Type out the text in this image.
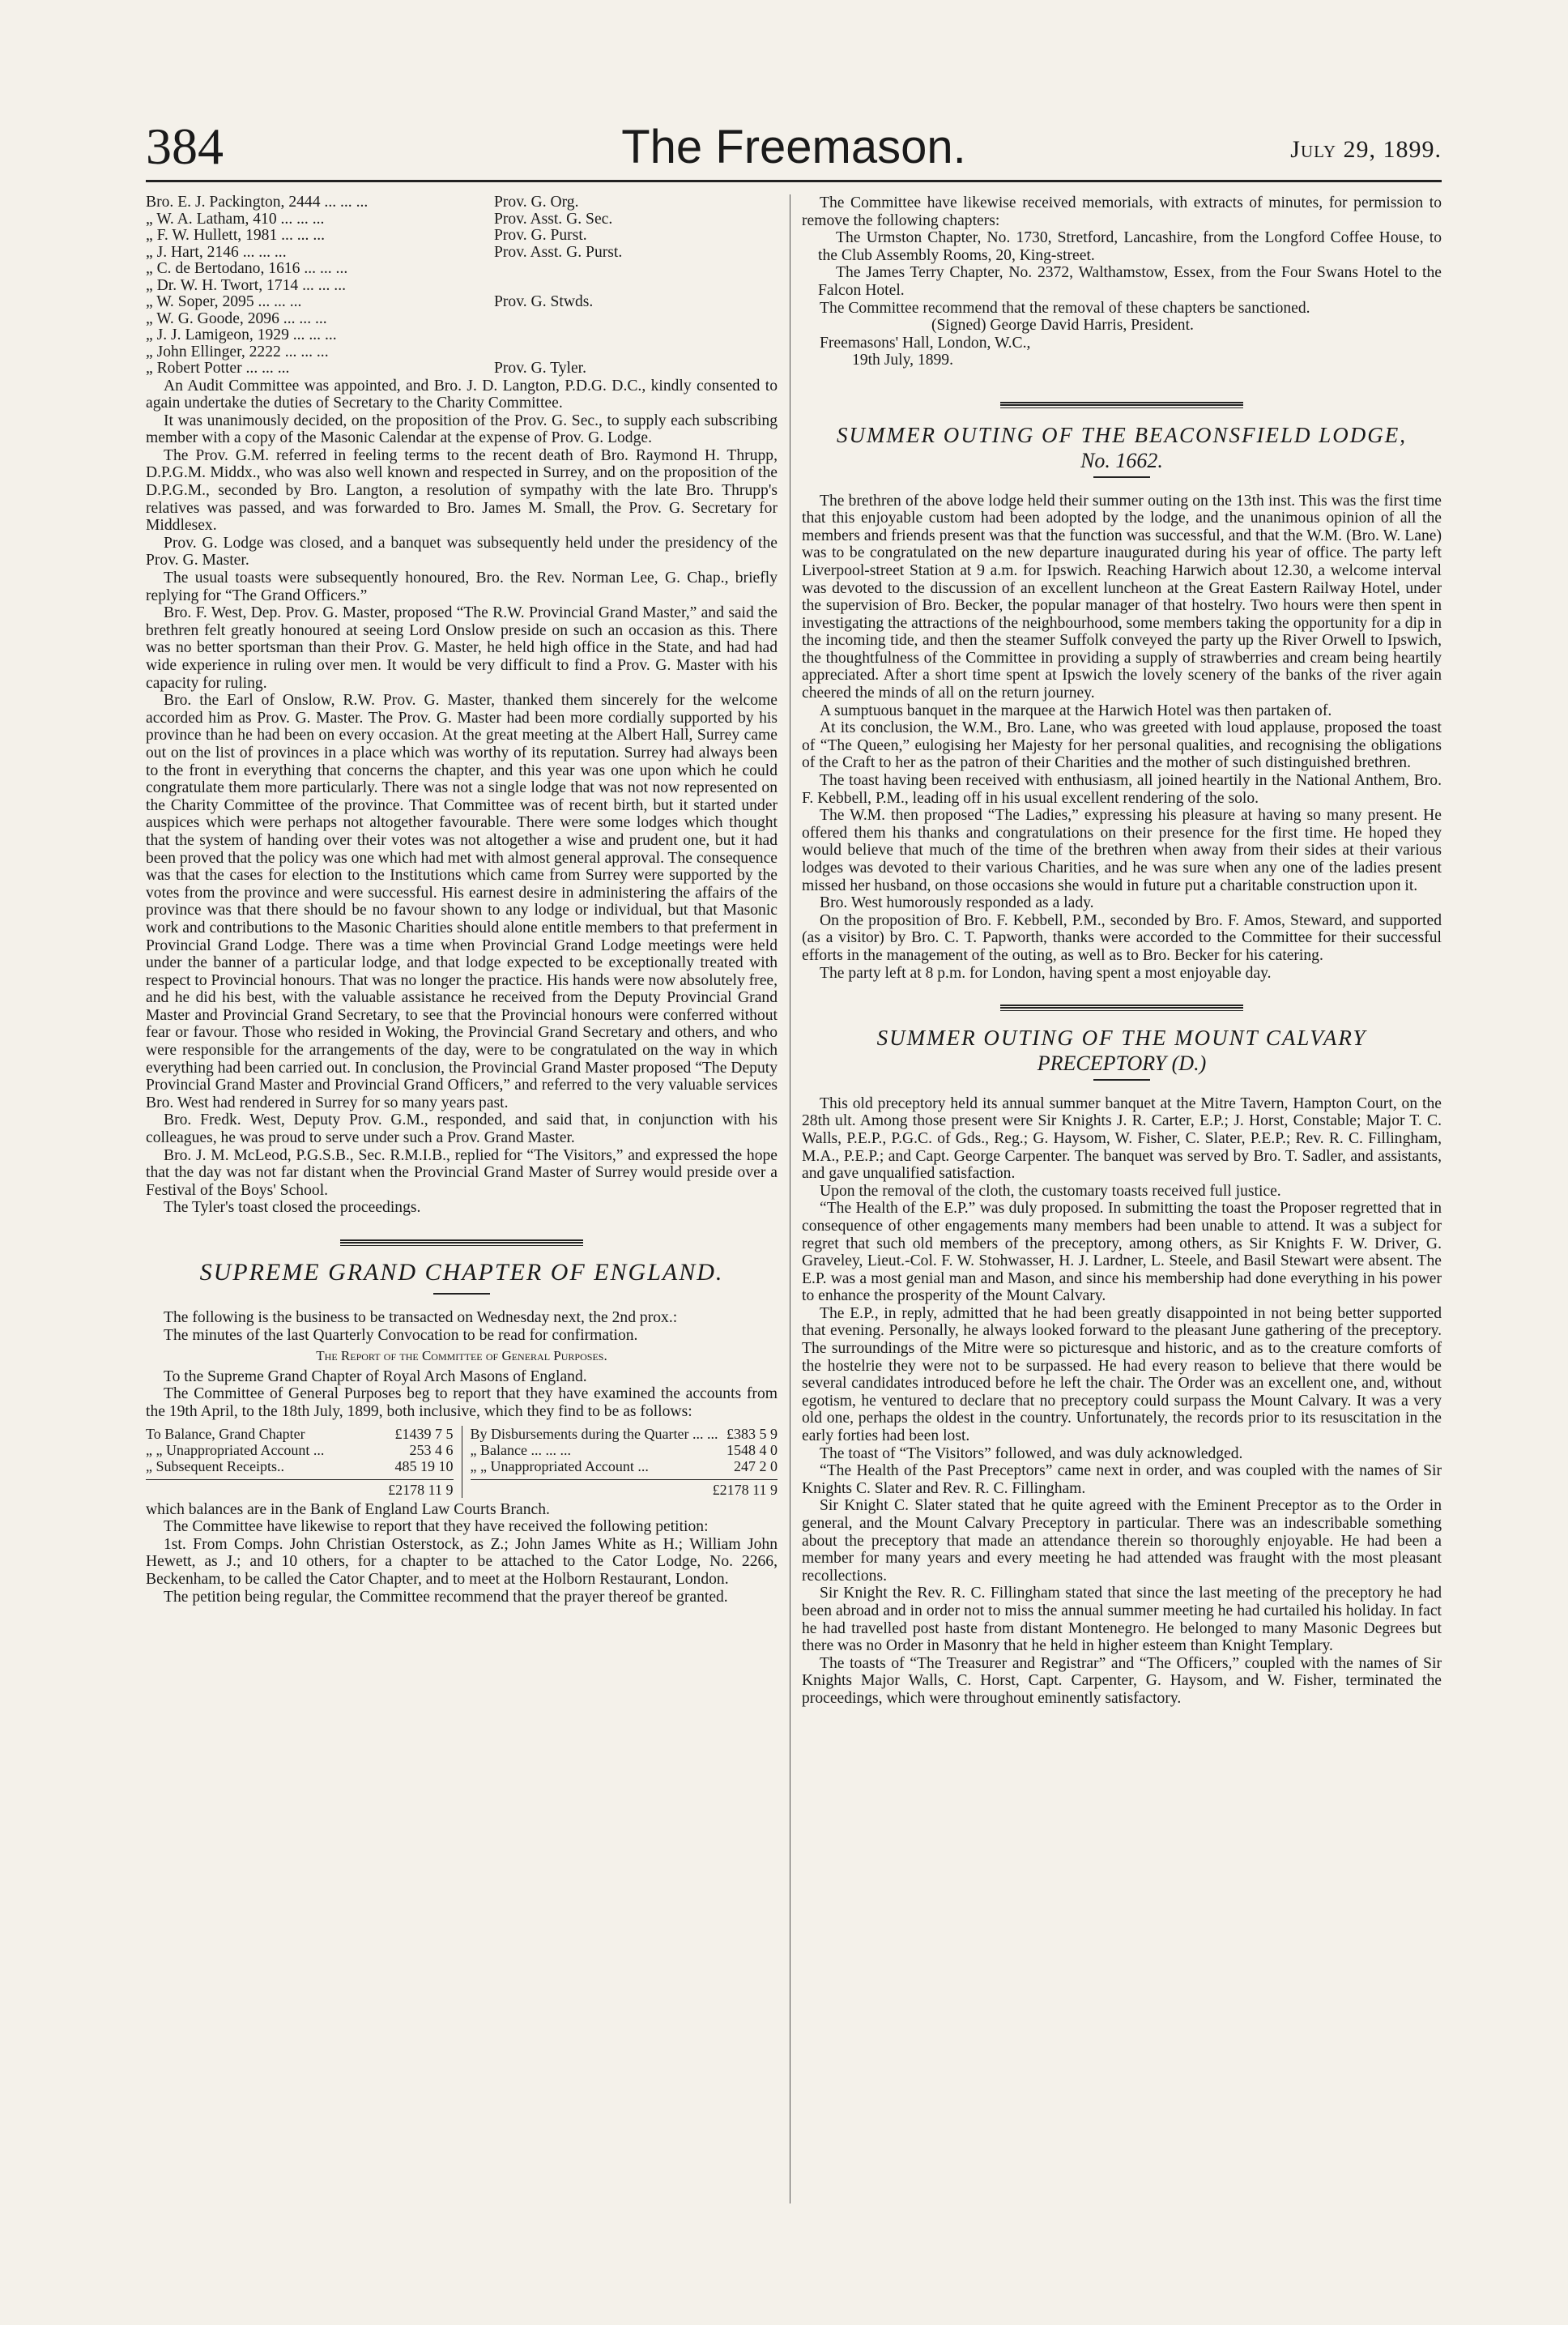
384	The Freemason.	July 29, 1899.
Bro. E. J. Packington, 2444 ... ... ...	Prov. G. Org.
„ W. A. Latham, 410 ... ... ...	Prov. Asst. G. Sec.
„ F. W. Hullett, 1981 ... ... ...	Prov. G. Purst.
„ J. Hart, 2146 ... ... ...	Prov. Asst. G. Purst.
„ C. de Bertodano, 1616 ... ... ...
„ Dr. W. H. Twort, 1714 ... ... ...
„ W. Soper, 2095 ... ... ...	Prov. G. Stwds.
„ W. G. Goode, 2096 ... ... ...
„ J. J. Lamigeon, 1929 ... ... ...
„ John Ellinger, 2222 ... ... ...
„ Robert Potter ... ... ...	Prov. G. Tyler.

An Audit Committee was appointed, and Bro. J. D. Langton, P.D.G. D.C., kindly consented to again undertake the duties of Secretary to the Charity Committee.

It was unanimously decided, on the proposition of the Prov. G. Sec., to supply each subscribing member with a copy of the Masonic Calendar at the expense of Prov. G. Lodge.

The Prov. G.M. referred in feeling terms to the recent death of Bro. Raymond H. Thrupp, D.P.G.M. Middx., who was also well known and respected in Surrey, and on the proposition of the D.P.G.M., seconded by Bro. Langton, a resolution of sympathy with the late Bro. Thrupp's relatives was passed, and was forwarded to Bro. James M. Small, the Prov. G. Secretary for Middlesex.

Prov. G. Lodge was closed, and a banquet was subsequently held under the presidency of the Prov. G. Master.

The usual toasts were subsequently honoured, Bro. the Rev. Norman Lee, G. Chap., briefly replying for “The Grand Officers.”

Bro. F. West, Dep. Prov. G. Master, proposed “The R.W. Provincial Grand Master,” and said the brethren felt greatly honoured at seeing Lord Onslow preside on such an occasion as this. There was no better sportsman than their Prov. G. Master, he held high office in the State, and had had wide experience in ruling over men. It would be very difficult to find a Prov. G. Master with his capacity for ruling.

Bro. the Earl of Onslow, R.W. Prov. G. Master, thanked them sincerely for the welcome accorded him as Prov. G. Master. The Prov. G. Master had been more cordially supported by his province than he had been on every occasion. At the great meeting at the Albert Hall, Surrey came out on the list of provinces in a place which was worthy of its reputation. Surrey had always been to the front in everything that concerns the chapter, and this year was one upon which he could congratulate them more particularly. There was not a single lodge that was not now represented on the Charity Committee of the province. That Committee was of recent birth, but it started under auspices which were perhaps not altogether favourable. There were some lodges which thought that the system of handing over their votes was not altogether a wise and prudent one, but it had been proved that the policy was one which had met with almost general approval. The consequence was that the cases for election to the Institutions which came from Surrey were supported by the votes from the province and were successful. His earnest desire in administering the affairs of the province was that there should be no favour shown to any lodge or individual, but that Masonic work and contributions to the Masonic Charities should alone entitle members to that preferment in Provincial Grand Lodge. There was a time when Provincial Grand Lodge meetings were held under the banner of a particular lodge, and that lodge expected to be exceptionally treated with respect to Provincial honours. That was no longer the practice. His hands were now absolutely free, and he did his best, with the valuable assistance he received from the Deputy Provincial Grand Master and Provincial Grand Secretary, to see that the Provincial honours were conferred without fear or favour. Those who resided in Woking, the Provincial Grand Secretary and others, and who were responsible for the arrangements of the day, were to be congratulated on the way in which everything had been carried out. In conclusion, the Provincial Grand Master proposed “The Deputy Provincial Grand Master and Provincial Grand Officers,” and referred to the very valuable services Bro. West had rendered in Surrey for so many years past.

Bro. Fredk. West, Deputy Prov. G.M., responded, and said that, in conjunction with his colleagues, he was proud to serve under such a Prov. Grand Master.

Bro. J. M. McLeod, P.G.S.B., Sec. R.M.I.B., replied for “The Visitors,” and expressed the hope that the day was not far distant when the Provincial Grand Master of Surrey would preside over a Festival of the Boys' School.

The Tyler's toast closed the proceedings.

SUPREME GRAND CHAPTER OF ENGLAND.

The following is the business to be transacted on Wednesday next, the 2nd prox.:

The minutes of the last Quarterly Convocation to be read for confirmation.

The Report of the Committee of General Purposes.

To the Supreme Grand Chapter of Royal Arch Masons of England.

The Committee of General Purposes beg to report that they have examined the accounts from the 19th April, to the 18th July, 1899, both inclusive, which they find to be as follows:

To Balance, Grand Chapter	£1439 7 5
„ „ Unappropriated Account ...	253 4 6
„ Subsequent Receipts..	485 19 10
£2178 11 9
By Disbursements during the Quarter ... ... £383 5 9
„ Balance ... ... ...	1548 4 0
„ „ Unappropriated Account ...	247 2 0
£2178 11 9

which balances are in the Bank of England Law Courts Branch.

The Committee have likewise to report that they have received the following petition:

1st. From Comps. John Christian Osterstock, as Z.; John James White as H.; William John Hewett, as J.; and 10 others, for a chapter to be attached to the Cator Lodge, No. 2266, Beckenham, to be called the Cator Chapter, and to meet at the Holborn Restaurant, London.

The petition being regular, the Committee recommend that the prayer thereof be granted.

The Committee have likewise received memorials, with extracts of minutes, for permission to remove the following chapters:

The Urmston Chapter, No. 1730, Stretford, Lancashire, from the Longford Coffee House, to the Club Assembly Rooms, 20, King-street.

The James Terry Chapter, No. 2372, Walthamstow, Essex, from the Four Swans Hotel to the Falcon Hotel.

The Committee recommend that the removal of these chapters be sanctioned.

(Signed) George David Harris, President.

Freemasons' Hall, London, W.C.,

19th July, 1899.

SUMMER OUTING OF THE BEACONSFIELD LODGE,
No. 1662.

The brethren of the above lodge held their summer outing on the 13th inst. This was the first time that this enjoyable custom had been adopted by the lodge, and the unanimous opinion of all the members and friends present was that the function was successful, and that the W.M. (Bro. W. Lane) was to be congratulated on the new departure inaugurated during his year of office. The party left Liverpool-street Station at 9 a.m. for Ipswich. Reaching Harwich about 12.30, a welcome interval was devoted to the discussion of an excellent luncheon at the Great Eastern Railway Hotel, under the supervision of Bro. Becker, the popular manager of that hostelry. Two hours were then spent in investigating the attractions of the neighbourhood, some members taking the opportunity for a dip in the incoming tide, and then the steamer Suffolk conveyed the party up the River Orwell to Ipswich, the thoughtfulness of the Committee in providing a supply of strawberries and cream being heartily appreciated. After a short time spent at Ipswich the lovely scenery of the banks of the river again cheered the minds of all on the return journey.

A sumptuous banquet in the marquee at the Harwich Hotel was then partaken of.

At its conclusion, the W.M., Bro. Lane, who was greeted with loud applause, proposed the toast of “The Queen,” eulogising her Majesty for her personal qualities, and recognising the obligations of the Craft to her as the patron of their Charities and the mother of such distinguished brethren.

The toast having been received with enthusiasm, all joined heartily in the National Anthem, Bro. F. Kebbell, P.M., leading off in his usual excellent rendering of the solo.

The W.M. then proposed “The Ladies,” expressing his pleasure at having so many present. He offered them his thanks and congratulations on their presence for the first time. He hoped they would believe that much of the time of the brethren when away from their sides at their various lodges was devoted to their various Charities, and he was sure when any one of the ladies present missed her husband, on those occasions she would in future put a charitable construction upon it.

Bro. West humorously responded as a lady.

On the proposition of Bro. F. Kebbell, P.M., seconded by Bro. F. Amos, Steward, and supported (as a visitor) by Bro. C. T. Papworth, thanks were accorded to the Committee for their successful efforts in the management of the outing, as well as to Bro. Becker for his catering.

The party left at 8 p.m. for London, having spent a most enjoyable day.

SUMMER OUTING OF THE MOUNT CALVARY
PRECEPTORY (D.)

This old preceptory held its annual summer banquet at the Mitre Tavern, Hampton Court, on the 28th ult. Among those present were Sir Knights J. R. Carter, E.P.; J. Horst, Constable; Major T. C. Walls, P.E.P., P.G.C. of Gds., Reg.; G. Haysom, W. Fisher, C. Slater, P.E.P.; Rev. R. C. Fillingham, M.A., P.E.P.; and Capt. George Carpenter. The banquet was served by Bro. T. Sadler, and assistants, and gave unqualified satisfaction.

Upon the removal of the cloth, the customary toasts received full justice.

“The Health of the E.P.” was duly proposed. In submitting the toast the Proposer regretted that in consequence of other engagements many members had been unable to attend. It was a subject for regret that such old members of the preceptory, among others, as Sir Knights F. W. Driver, G. Graveley, Lieut.-Col. F. W. Stohwasser, H. J. Lardner, L. Steele, and Basil Stewart were absent. The E.P. was a most genial man and Mason, and since his membership had done everything in his power to enhance the prosperity of the Mount Calvary.

The E.P., in reply, admitted that he had been greatly disappointed in not being better supported that evening. Personally, he always looked forward to the pleasant June gathering of the preceptory. The surroundings of the Mitre were so picturesque and historic, and as to the creature comforts of the hostelrie they were not to be surpassed. He had every reason to believe that there would be several candidates introduced before he left the chair. The Order was an excellent one, and, without egotism, he ventured to declare that no preceptory could surpass the Mount Calvary. It was a very old one, perhaps the oldest in the country. Unfortunately, the records prior to its resuscitation in the early forties had been lost.

The toast of “The Visitors” followed, and was duly acknowledged.

“The Health of the Past Preceptors” came next in order, and was coupled with the names of Sir Knights C. Slater and Rev. R. C. Fillingham.

Sir Knight C. Slater stated that he quite agreed with the Eminent Preceptor as to the Order in general, and the Mount Calvary Preceptory in particular. There was an indescribable something about the preceptory that made an attendance therein so thoroughly enjoyable. He had been a member for many years and every meeting he had attended was fraught with the most pleasant recollections.

Sir Knight the Rev. R. C. Fillingham stated that since the last meeting of the preceptory he had been abroad and in order not to miss the annual summer meeting he had curtailed his holiday. In fact he had travelled post haste from distant Montenegro. He belonged to many Masonic Degrees but there was no Order in Masonry that he held in higher esteem than Knight Templary.

The toasts of “The Treasurer and Registrar” and “The Officers,” coupled with the names of Sir Knights Major Walls, C. Horst, Capt. Carpenter, G. Haysom, and W. Fisher, terminated the proceedings, which were throughout eminently satisfactory.
